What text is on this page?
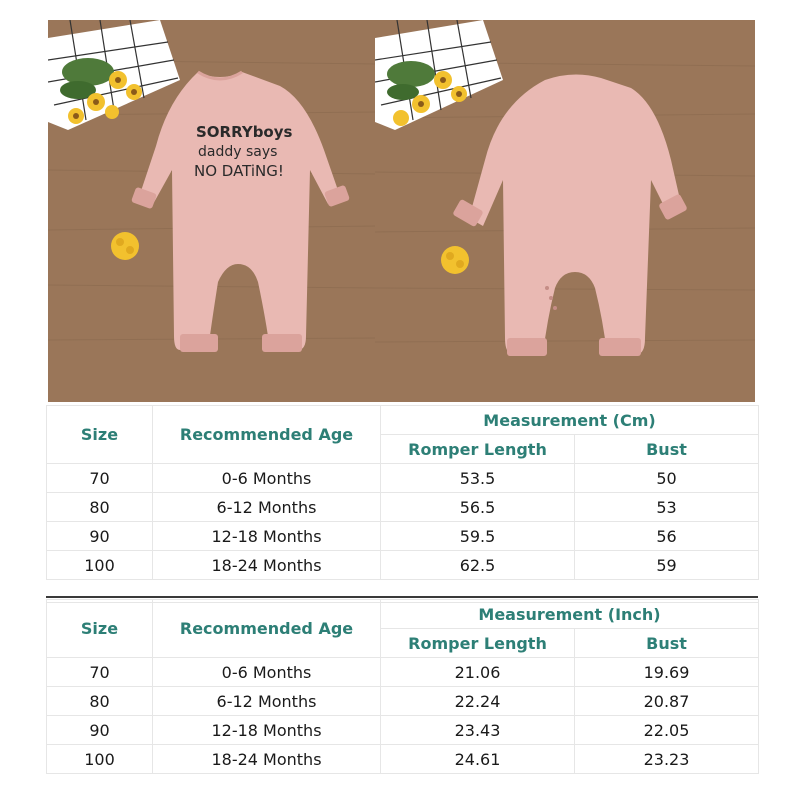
SORRYboys
daddy says
NO DATiNG!
Size	Recommended Age	Measurement (Cm)	
		Romper Length	Bust
70	0-6 Months	53.5	50
80	6-12 Months	56.5	53
90	12-18 Months	59.5	56
100	18-24 Months	62.5	59

Size	Recommended Age	Measurement (Inch)	
		Romper Length	Bust
70	0-6 Months	21.06	19.69
80	6-12 Months	22.24	20.87
90	12-18 Months	23.43	22.05
100	18-24 Months	24.61	23.23
